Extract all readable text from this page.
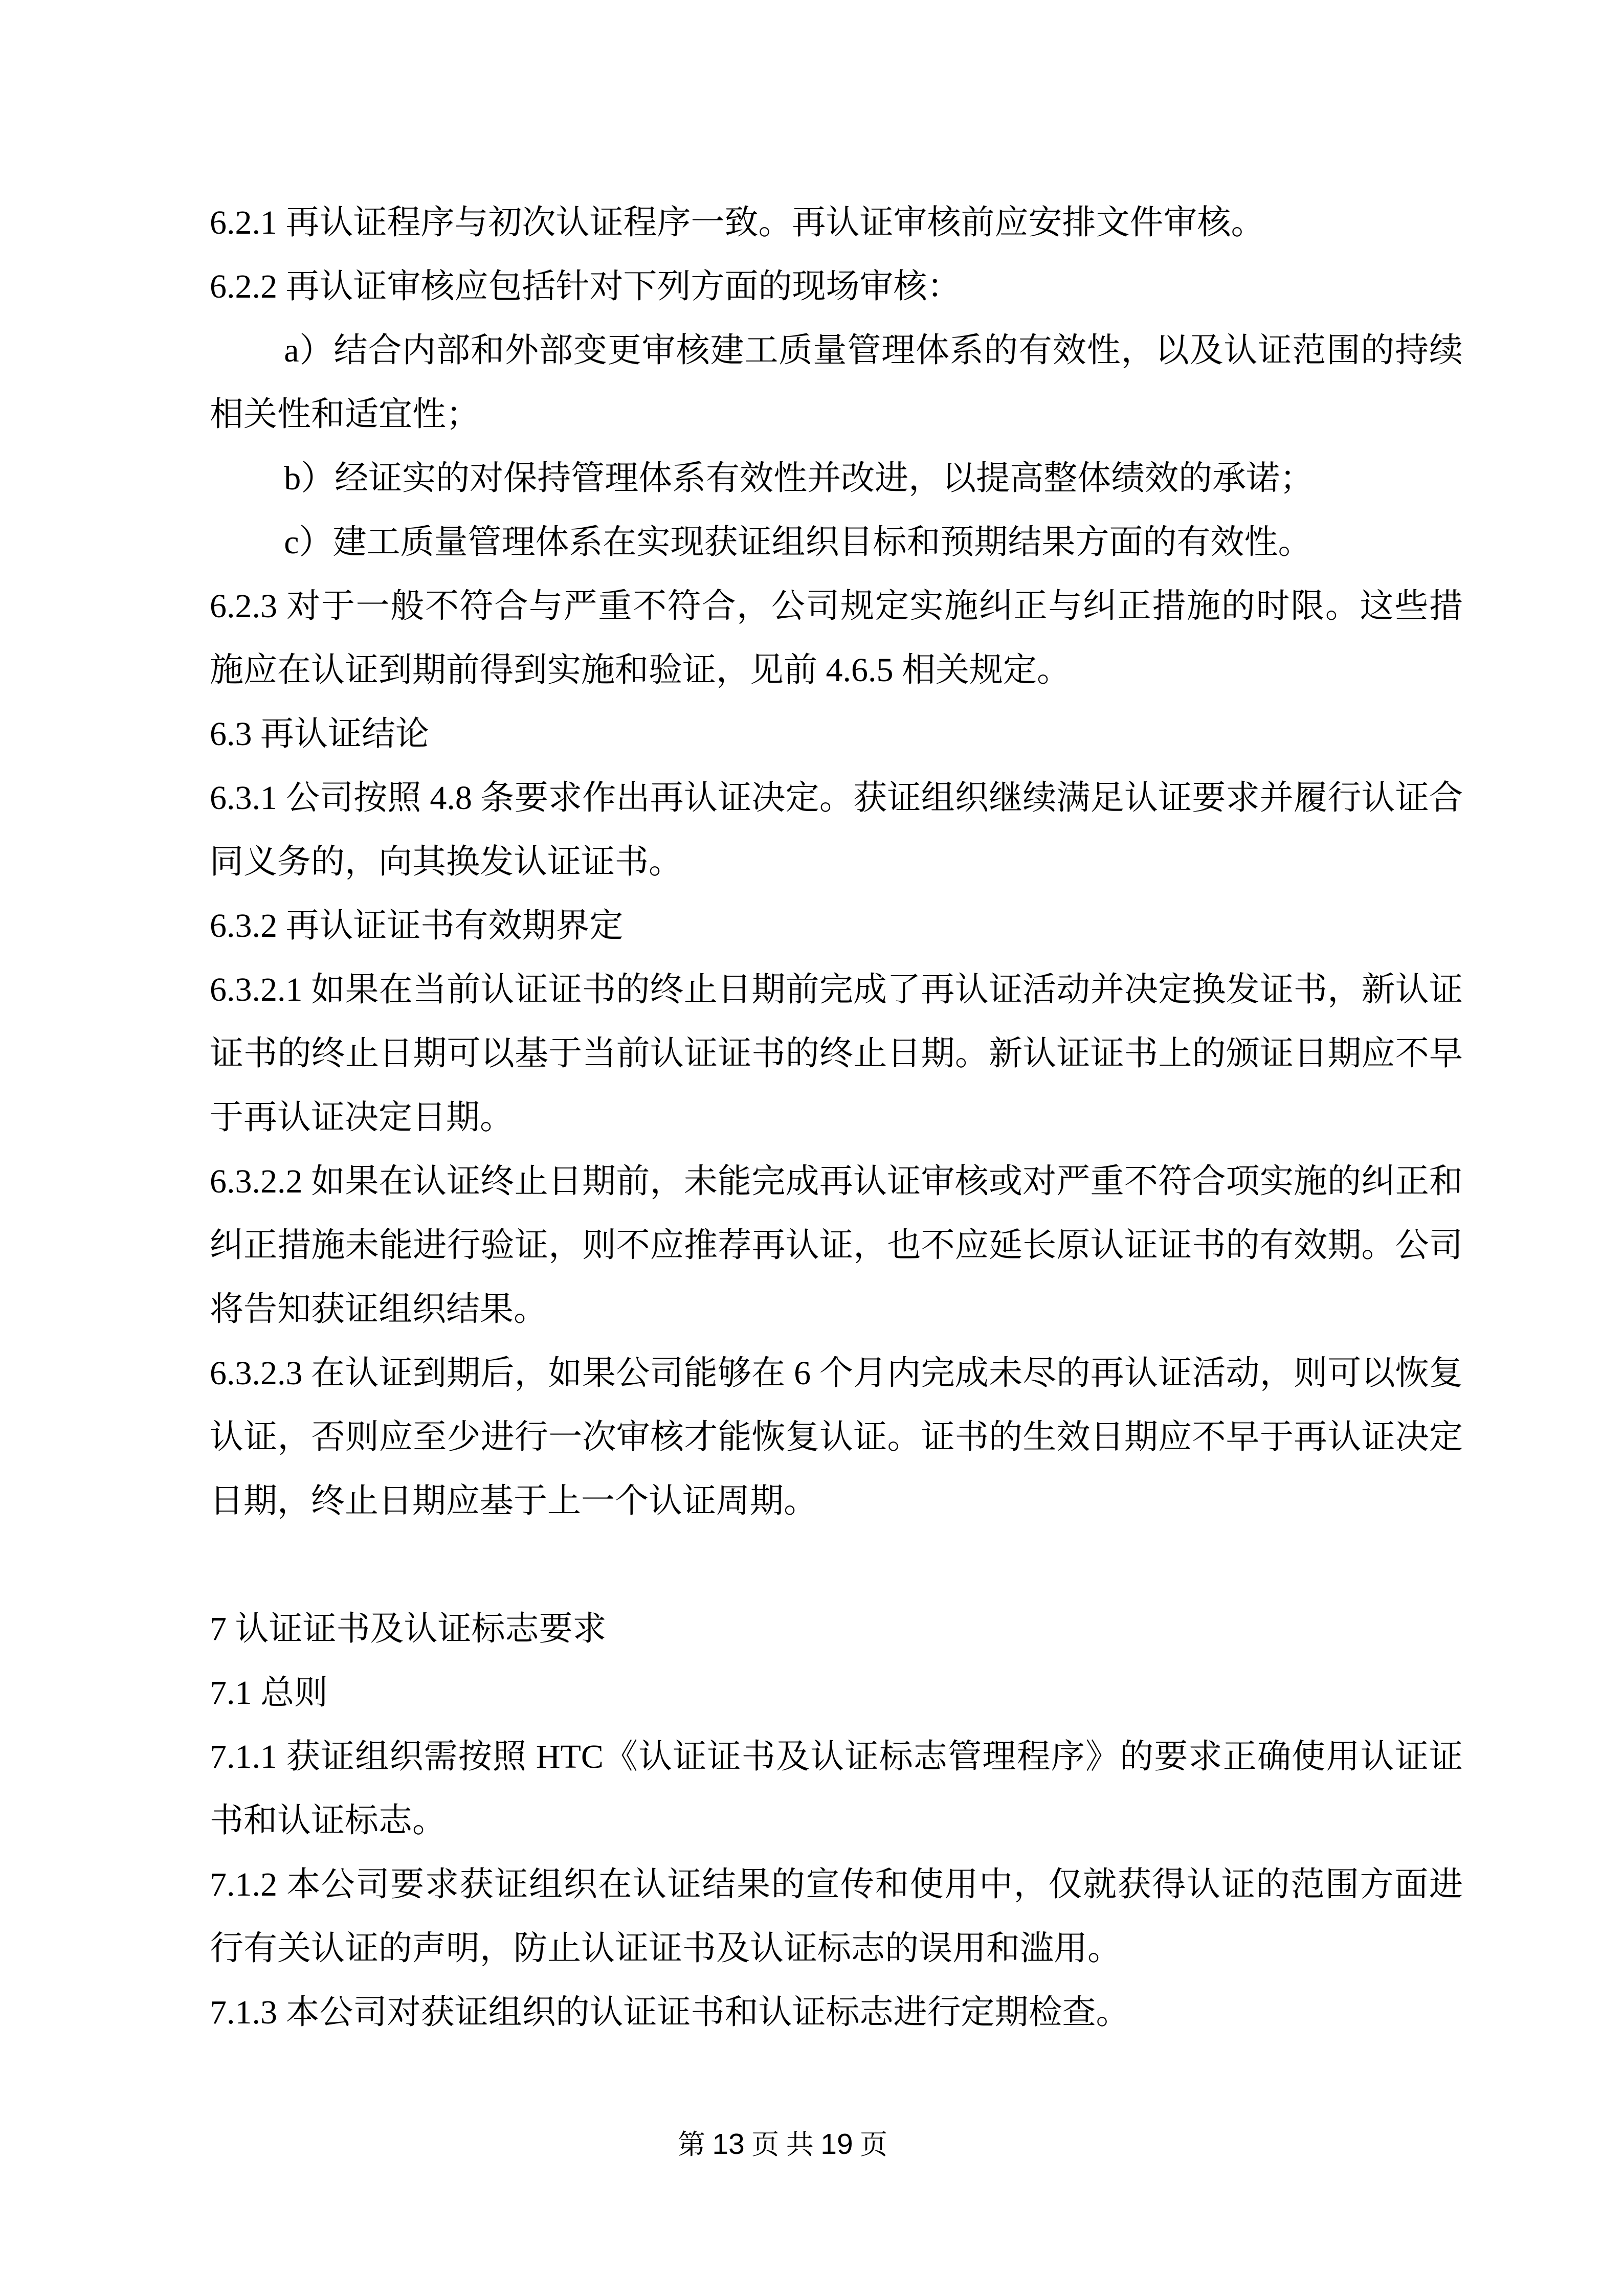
6.2.1 再认证程序与初次认证程序一致。再认证审核前应安排文件审核。

6.2.2 再认证审核应包括针对下列方面的现场审核：

a）结合内部和外部变更审核建工质量管理体系的有效性，以及认证范围的持续相关性和适宜性；

b）经证实的对保持管理体系有效性并改进，以提高整体绩效的承诺；

c）建工质量管理体系在实现获证组织目标和预期结果方面的有效性。

6.2.3 对于一般不符合与严重不符合，公司规定实施纠正与纠正措施的时限。这些措施应在认证到期前得到实施和验证，见前 4.6.5 相关规定。

6.3 再认证结论

6.3.1 公司按照 4.8 条要求作出再认证决定。获证组织继续满足认证要求并履行认证合同义务的，向其换发认证证书。

6.3.2 再认证证书有效期界定

6.3.2.1 如果在当前认证证书的终止日期前完成了再认证活动并决定换发证书，新认证证书的终止日期可以基于当前认证证书的终止日期。新认证证书上的颁证日期应不早于再认证决定日期。

6.3.2.2 如果在认证终止日期前，未能完成再认证审核或对严重不符合项实施的纠正和纠正措施未能进行验证，则不应推荐再认证，也不应延长原认证证书的有效期。公司将告知获证组织结果。

6.3.2.3 在认证到期后，如果公司能够在 6 个月内完成未尽的再认证活动，则可以恢复认证，否则应至少进行一次审核才能恢复认证。证书的生效日期应不早于再认证决定日期，终止日期应基于上一个认证周期。

7 认证证书及认证标志要求

7.1 总则

7.1.1 获证组织需按照 HTC《认证证书及认证标志管理程序》的要求正确使用认证证书和认证标志。

7.1.2 本公司要求获证组织在认证结果的宣传和使用中，仅就获得认证的范围方面进行有关认证的声明，防止认证证书及认证标志的误用和滥用。

7.1.3 本公司对获证组织的认证证书和认证标志进行定期检查。

第 13 页 共 19 页
